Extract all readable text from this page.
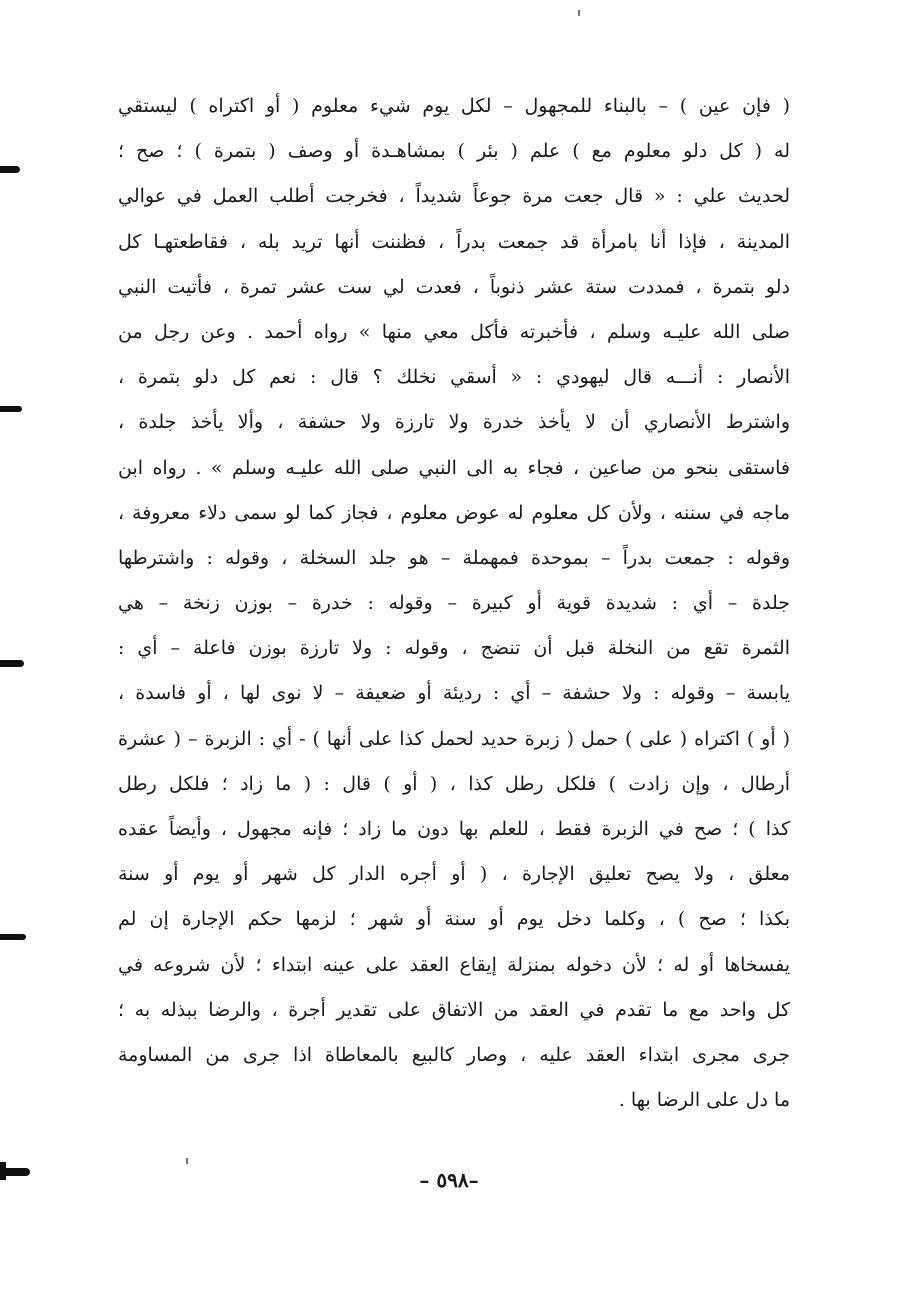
( فإن عين ) – بالبناء للمجهول – لكل يوم شيء معلوم ( أو اكتراه ) ليستقي
له ( كل دلو معلوم مع ) علم ( بئر ) بمشاهـدة أو وصف ( بتمرة ) ؛ صح ؛
لحديث علي : « قال جعت مرة جوعاً شديداً ، فخرجت أطلب العمل في عوالي
المدينة ، فإذا أنا بامرأة قد جمعت بدراً ، فظننت أنها تريد بله ، فقاطعتهـا كل
دلو بتمرة ، فمددت ستة عشر ذنوباً ، فعدت لي ست عشر تمرة ، فأتيت النبي
صلى الله عليـه وسلم ، فأخبرته فأكل معي منها » رواه أحمد . وعن رجل من
الأنصار : أنـــه قال ليهودي : « أسقي نخلك ؟ قال : نعم كل دلو بتمرة ،
واشترط الأنصاري أن لا يأخذ خدرة ولا تارزة ولا حشفة ، وألا يأخذ جلدة ،
فاستقى بنحو من صاعين ، فجاء به الى النبي صلى الله عليـه وسلم » . رواه ابن
ماجه في سننه ، ولأن كل معلوم له عوض معلوم ، فجاز كما لو سمى دلاء معروفة ،
وقوله : جمعت بدراً – بموحدة فمهملة – هو جلد السخلة ، وقوله : واشترطها
جلدة – أي : شديدة قوية أو كبيرة – وقوله : خدرة – بوزن زنخة – هي
الثمرة تقع من النخلة قبل أن تنضج ، وقوله : ولا تارزة بوزن فاعلة – أي :
يابسة – وقوله : ولا حشفة – أي : رديئة أو ضعيفة – لا نوى لها ، أو فاسدة ،
( أو ) اكتراه ( على ) حمل ( زبرة حديد لحمل كذا على أنها ) - أي : الزبرة – ( عشرة
أرطال ، وإن زادت ) فلكل رطل كذا ، ( أو ) قال : ( ما زاد ؛ فلكل رطل
كذا ) ؛ صح في الزبرة فقط ، للعلم بها دون ما زاد ؛ فإنه مجهول ، وأيضاً عقده
معلق ، ولا يصح تعليق الإجارة ، ( أو أجره الدار كل شهر أو يوم أو سنة
بكذا ؛ صح ) ، وكلما دخل يوم أو سنة أو شهر ؛ لزمها حكم الإجارة إن لم
يفسخاها أو له ؛ لأن دخوله بمنزلة إيقاع العقد على عينه ابتداء ؛ لأن شروعه في
كل واحد مع ما تقدم في العقد من الاتفاق على تقدير أجرة ، والرضا ببذله به ؛
جرى مجرى ابتداء العقد عليه ، وصار كالبيع بالمعاطاة اذا جرى من المساومة
ما دل على الرضا بها .
–٥٩٨ –
